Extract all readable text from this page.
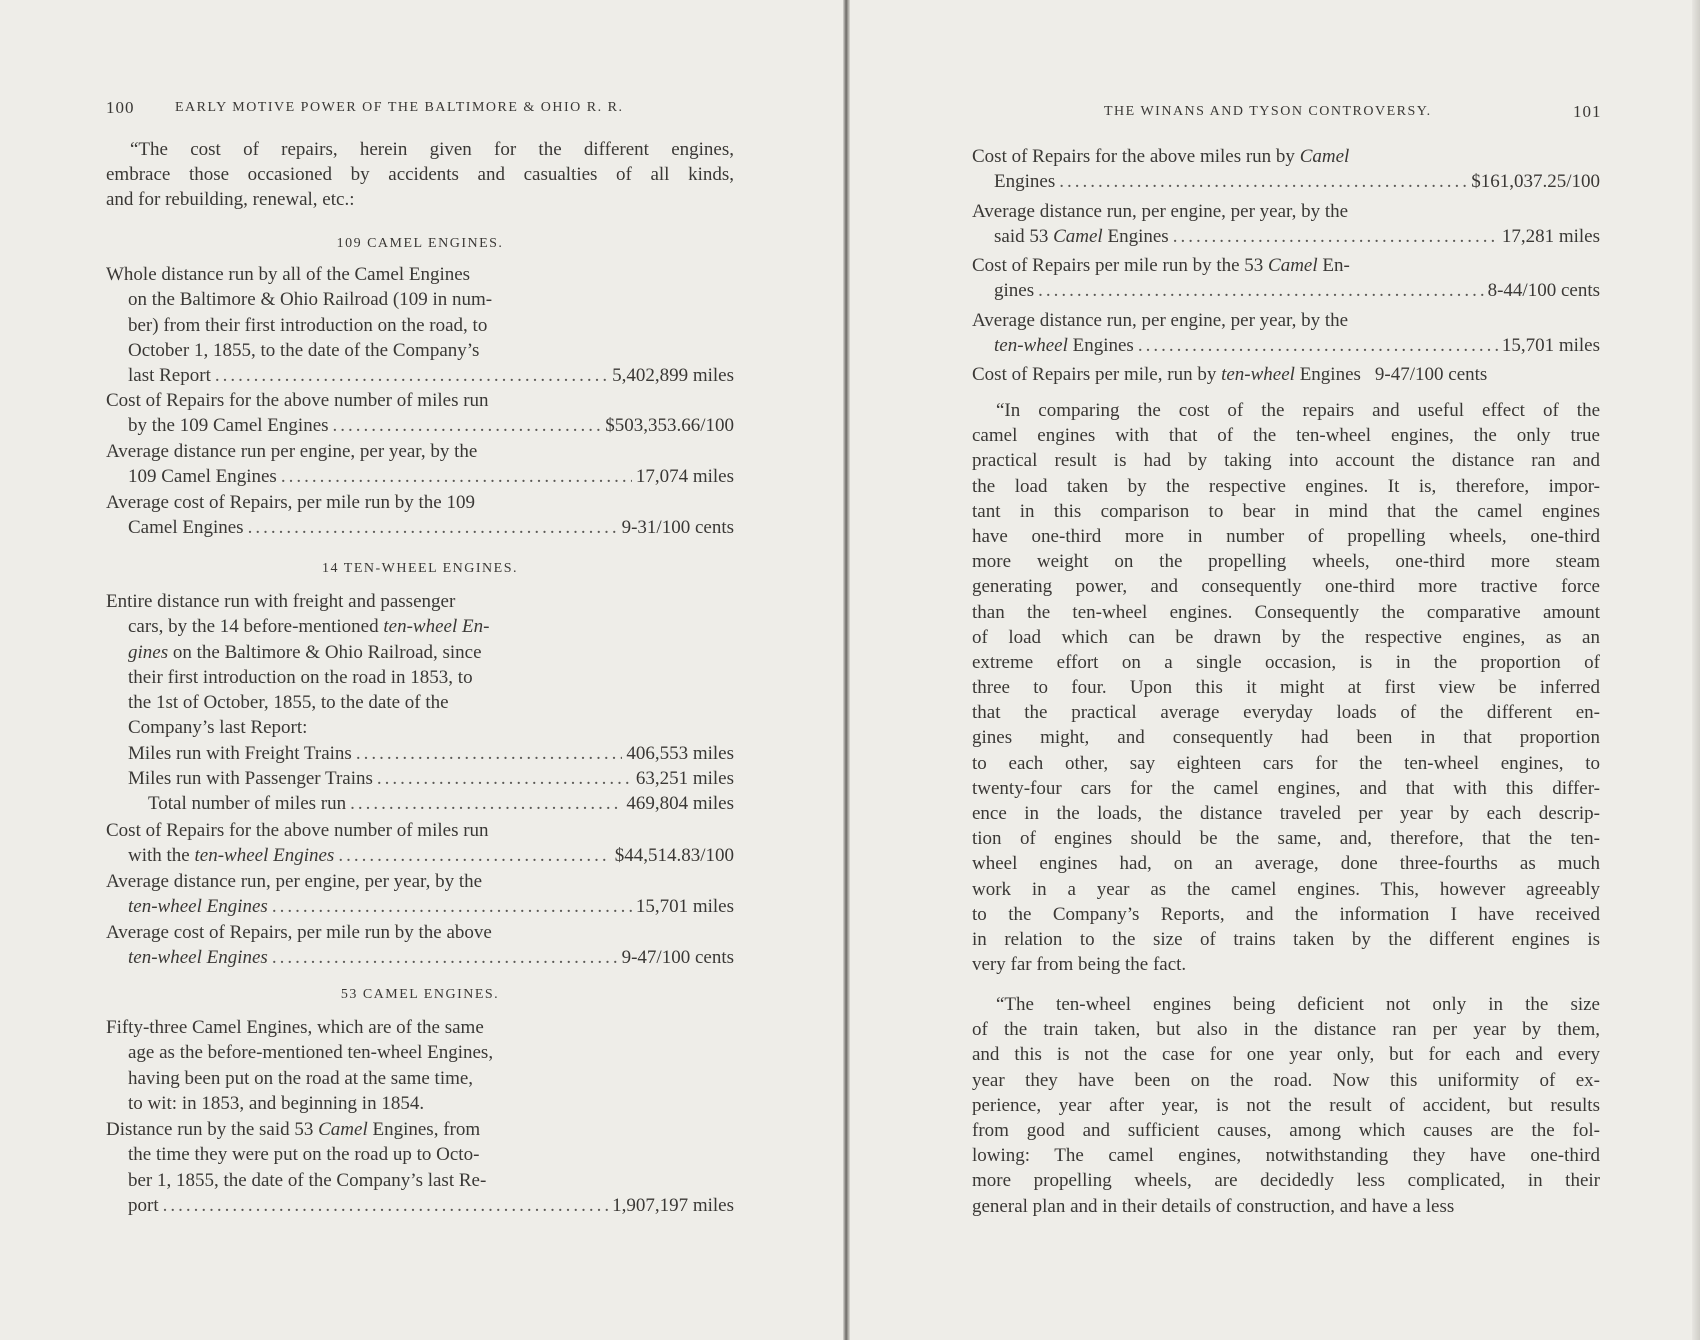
100	EARLY MOTIVE POWER OF THE BALTIMORE & OHIO R. R.
“The cost of repairs, herein given for the different engines,
embrace those occasioned by accidents and casualties of all kinds,
and for rebuilding, renewal, etc.:
109 CAMEL ENGINES.
Whole distance run by all of the Camel Engines
on the Baltimore & Ohio Railroad (109 in num-
ber) from their first introduction on the road, to
October 1, 1855, to the date of the Company’s
last Report .....	5,402,899 miles
Cost of Repairs for the above number of miles run
by the 109 Camel Engines .....	$503,353.66/100
Average distance run per engine, per year, by the
109 Camel Engines .....	17,074 miles
Average cost of Repairs, per mile run by the 109
Camel Engines .....	9-31/100 cents
14 TEN-WHEEL ENGINES.
Entire distance run with freight and passenger
cars, by the 14 before-mentioned ten-wheel En-
gines on the Baltimore & Ohio Railroad, since
their first introduction on the road in 1853, to
the 1st of October, 1855, to the date of the
Company’s last Report:
Miles run with Freight Trains .....	406,553 miles
Miles run with Passenger Trains .....	63,251 miles
Total number of miles run .....	469,804 miles
Cost of Repairs for the above number of miles run
with the ten-wheel Engines .....	$44,514.83/100
Average distance run, per engine, per year, by the
ten-wheel Engines .....	15,701 miles
Average cost of Repairs, per mile run by the above
ten-wheel Engines .....	9-47/100 cents
53 CAMEL ENGINES.
Fifty-three Camel Engines, which are of the same
age as the before-mentioned ten-wheel Engines,
having been put on the road at the same time,
to wit: in 1853, and beginning in 1854.
Distance run by the said 53 Camel Engines, from
the time they were put on the road up to Octo-
ber 1, 1855, the date of the Company’s last Re-
port .....	1,907,197 miles
THE WINANS AND TYSON CONTROVERSY.	101
Cost of Repairs for the above miles run by Camel
Engines .....	$161,037.25/100
Average distance run, per engine, per year, by the
said 53 Camel Engines .....	17,281 miles
Cost of Repairs per mile run by the 53 Camel En-
gines .....	8-44/100 cents
Average distance run, per engine, per year, by the
ten-wheel Engines .....	15,701 miles
Cost of Repairs per mile, run by ten-wheel Engines 9-47/100 cents
“In comparing the cost of the repairs and useful effect of the
camel engines with that of the ten-wheel engines, the only true
practical result is had by taking into account the distance ran and
the load taken by the respective engines. It is, therefore, impor-
tant in this comparison to bear in mind that the camel engines
have one-third more in number of propelling wheels, one-third
more weight on the propelling wheels, one-third more steam
generating power, and consequently one-third more tractive force
than the ten-wheel engines. Consequently the comparative amount
of load which can be drawn by the respective engines, as an
extreme effort on a single occasion, is in the proportion of
three to four. Upon this it might at first view be inferred
that the practical average everyday loads of the different en-
gines might, and consequently had been in that proportion
to each other, say eighteen cars for the ten-wheel engines, to
twenty-four cars for the camel engines, and that with this differ-
ence in the loads, the distance traveled per year by each descrip-
tion of engines should be the same, and, therefore, that the ten-
wheel engines had, on an average, done three-fourths as much
work in a year as the camel engines. This, however agreeably
to the Company’s Reports, and the information I have received
in relation to the size of trains taken by the different engines is
very far from being the fact.
“The ten-wheel engines being deficient not only in the size
of the train taken, but also in the distance ran per year by them,
and this is not the case for one year only, but for each and every
year they have been on the road. Now this uniformity of ex-
perience, year after year, is not the result of accident, but results
from good and sufficient causes, among which causes are the fol-
lowing: The camel engines, notwithstanding they have one-third
more propelling wheels, are decidedly less complicated, in their
general plan and in their details of construction, and have a less
